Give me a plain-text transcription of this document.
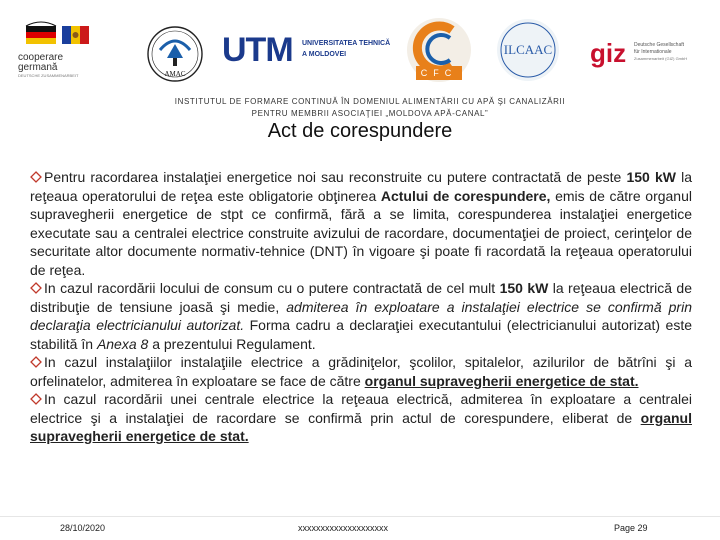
cooperare
germană
DEUTSCHE ZUSAMMENARBEIT	AMAC
UTM UNIVERSITATEA TEHNICĂ
A MOLDOVEI
CFC
ILCAAC giz Deutsche Gesellschaft
für Internationale
Zusammenarbeit (GIZ) GmbH
INSTITUTUL DE FORMARE CONTINUĂ ÎN DOMENIUL ALIMENTĂRII CU APĂ ŞI CANALIZĂRII
PENTRU MEMBRII ASOCIAŢIEI „MOLDOVA APĂ-CANAL”
Act de corespundere

Pentru racordarea instalaţiei energetice noi sau reconstruite cu putere contractată de peste 150 kW la reţeaua operatorului de reţea este obligatorie obţinerea Actului de corespundere, emis de către organul supravegherii energetice de stpt ce confirmă, fără a se limita, corespunderea instalaţiei energetice executate sau a centralei electrice construite avizului de racordare, documentaţiei de proiect, cerinţelor de securitate altor documente normativ-tehnice (DNT) în vigoare şi poate fi racordată la reţeaua operatorului de reţea.

In cazul racordării locului de consum cu o putere contractată de cel mult 150 kW la reţeaua electrică de distribuţie de tensiune joasă şi medie, admiterea în exploatare a instalaţiei electrice se confirmă prin declaraţia electricianului autorizat. Forma cadru a declaraţiei executantului (electricianului autorizat) este stabilită în Anexa 8 a prezentului Regulament.

In cazul instalaţiilor instalaţiile electrice a grădiniţelor, şcolilor, spitalelor, azilurilor de bătrîni şi a orfelinatelor, admiterea în exploatare se face de către organul supravegherii energetice de stat.

In cazul racordării unei centrale electrice la reţeaua electrică, admiterea în exploatare a centralei electrice şi a instalaţiei de racordare se confirmă prin actul de corespundere, eliberat de organul supravegherii energetice de stat.

28/10/2020	xxxxxxxxxxxxxxxxxxxx	Page 29
